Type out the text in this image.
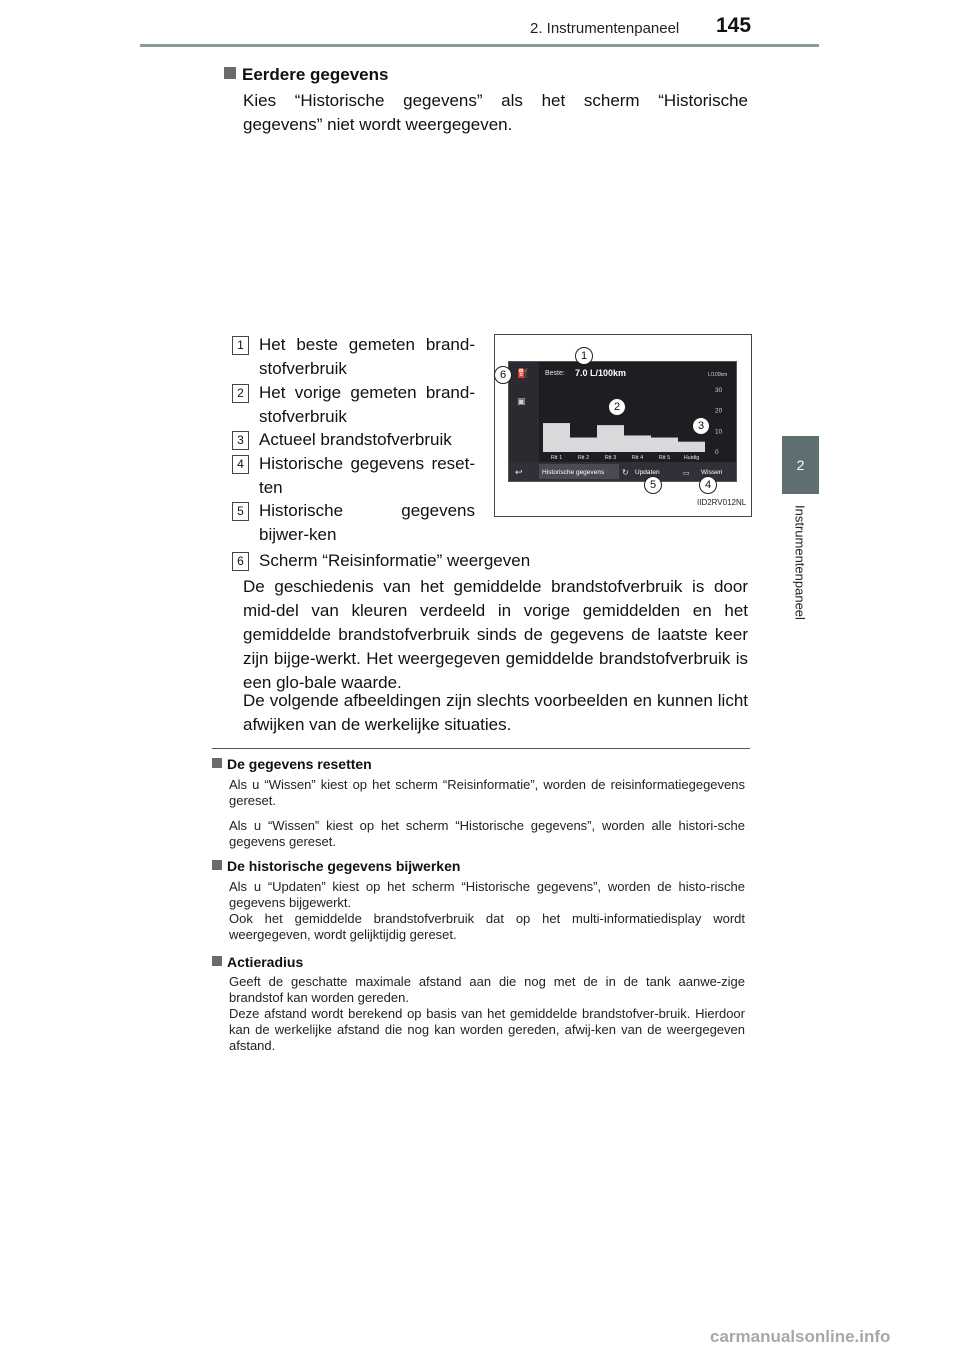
2. Instrumentenpaneel 145
2
Instrumentenpaneel
Eerdere gegevens
Kies “Historische gegevens” als het scherm “Historische gegevens” niet wordt weergegeven.
1 Het beste gemeten brand-stofverbruik
2 Het vorige gemeten brand-stofverbruik
3 Actueel brandstofverbruik
4 Historische gegevens reset-ten
5 Historische gegevens bijwer-ken
6 Scherm “Reisinformatie” weergeven
De geschiedenis van het gemiddelde brandstofverbruik is door mid-del van kleuren verdeeld in vorige gemiddelden en het gemiddelde brandstofverbruik sinds de gegevens de laatste keer zijn bijge-werkt. Het weergegeven gemiddelde brandstofverbruik is een glo-bale waarde.
De volgende afbeeldingen zijn slechts voorbeelden en kunnen licht afwijken van de werkelijke situaties.
⛽
▣
Beste: 7.0 L/100km	L/100km
30
20
10
0
Rit 1	Rit 2	Rit 3	Rit 4	Rit 5 Huidig
↩	Historische gegevens ↻ Updaten	▭ Wissen
1
2
3
4
5
6
IID2RV012NL
De gegevens resetten
Als u “Wissen” kiest op het scherm “Reisinformatie”, worden de reisinformatiegegevens gereset.
Als u “Wissen” kiest op het scherm “Historische gegevens”, worden alle histori-sche gegevens gereset.
De historische gegevens bijwerken
Als u “Updaten” kiest op het scherm “Historische gegevens”, worden de histo-rische gegevens bijgewerkt.
Ook het gemiddelde brandstofverbruik dat op het multi-informatiedisplay wordt weergegeven, wordt gelijktijdig gereset.
Actieradius
Geeft de geschatte maximale afstand aan die nog met de in de tank aanwe-zige brandstof kan worden gereden.
Deze afstand wordt berekend op basis van het gemiddelde brandstofver-bruik. Hierdoor kan de werkelijke afstand die nog kan worden gereden, afwij-ken van de weergegeven afstand.
carmanualsonline.info
